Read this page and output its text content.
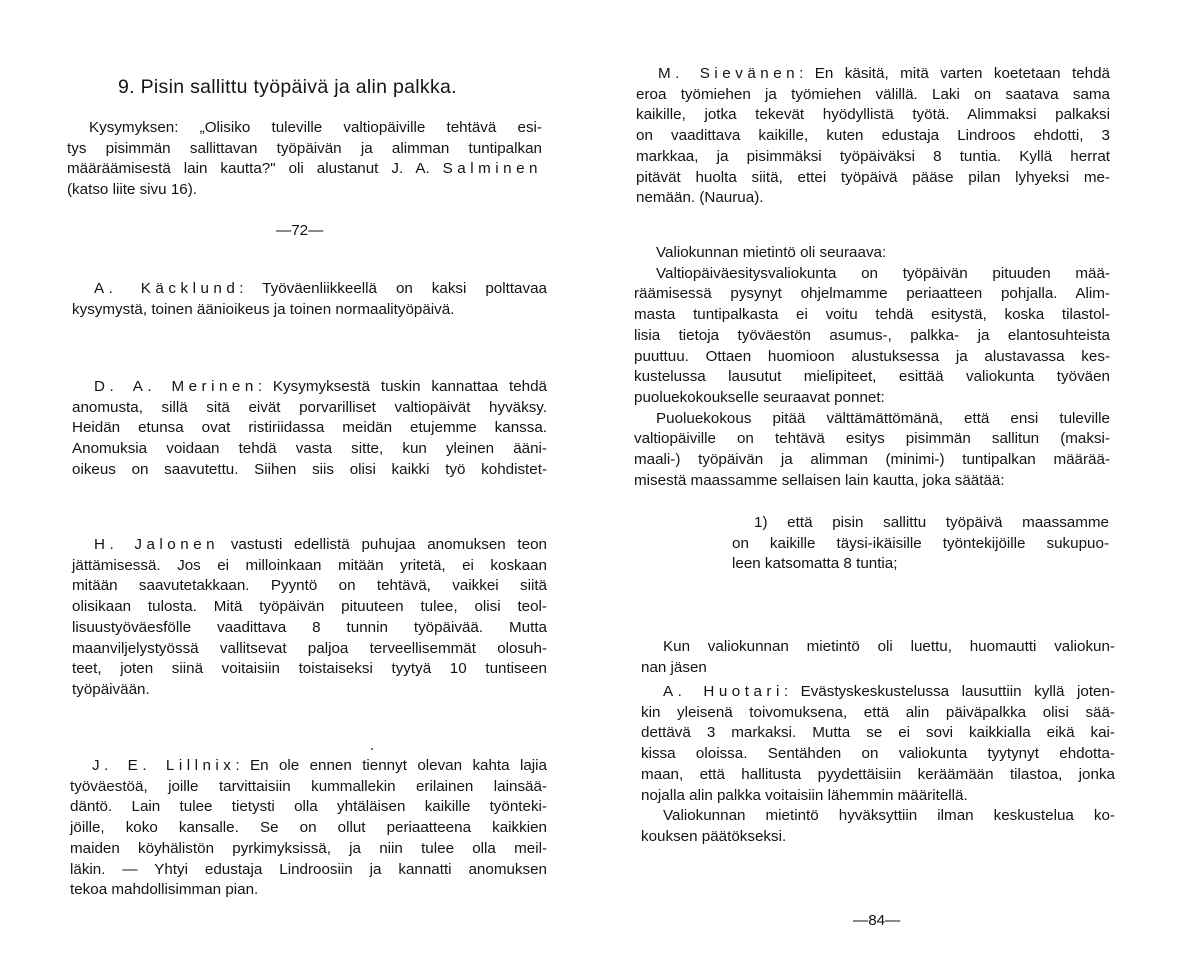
9. Pisin sallittu työpäivä ja alin palkka.
Kysymyksen: „Olisiko tuleville valtiopäiville tehtävä esi-
tys pisimmän sallittavan työpäivän ja alimman tuntipalkan
määräämisestä lain kautta?" oli alustanut J. A. Salminen
(katso liite sivu 16).
—72—
A. Käcklund: Työväenliikkeellä on kaksi polttavaa
kysymystä, toinen äänioikeus ja toinen normaalityöpäivä.
D. A. Merinen: Kysymyksestä tuskin kannattaa tehdä
anomusta, sillä sitä eivät porvarilliset valtiopäivät hyväksy.
Heidän etunsa ovat ristiriidassa meidän etujemme kanssa.
Anomuksia voidaan tehdä vasta sitte, kun yleinen ääni-
oikeus on saavutettu. Siihen siis olisi kaikki työ kohdistet-
H. Jalonen vastusti edellistä puhujaa anomuksen teon
jättämisessä. Jos ei milloinkaan mitään yritetä, ei koskaan
mitään saavutetakkaan. Pyyntö on tehtävä, vaikkei siitä
olisikaan tulosta. Mitä työpäivän pituuteen tulee, olisi teol-
lisuustyöväesfölle vaadittava 8 tunnin työpäivää. Mutta
maanviljelystyössä vallitsevat paljoa terveellisemmät olosuh-
teet, joten siinä voitaisiin toistaiseksi tyytyä 10 tuntiseen
työpäivään.
J. E. Lillnix: En ole ennen tiennyt olevan kahta lajia
työväestöä, joille tarvittaisiin kummallekin erilainen lainsää-
däntö. Lain tulee tietysti olla yhtäläisen kaikille työnteki-
jöille, koko kansalle. Se on ollut periaatteena kaikkien
maiden köyhälistön pyrkimyksissä, ja niin tulee olla meil-
läkin. — Yhtyi edustaja Lindroosiin ja kannatti anomuksen
tekoa mahdollisimman pian.
M. Sievänen: En käsitä, mitä varten koetetaan tehdä
eroa työmiehen ja työmiehen välillä. Laki on saatava sama
kaikille, jotka tekevät hyödyllistä työtä. Alimmaksi palkaksi
on vaadittava kaikille, kuten edustaja Lindroos ehdotti, 3
markkaa, ja pisimmäksi työpäiväksi 8 tuntia. Kyllä herrat
pitävät huolta siitä, ettei työpäivä pääse pilan lyhyeksi me-
nemään. (Naurua).
Valiokunnan mietintö oli seuraava:
Valtiopäiväesitysvaliokunta on työpäivän pituuden mää-
räämisessä pysynyt ohjelmamme periaatteen pohjalla. Alim-
masta tuntipalkasta ei voitu tehdä esitystä, koska tilastol-
lisia tietoja työväestön asumus-, palkka- ja elantosuhteista
puuttuu. Ottaen huomioon alustuksessa ja alustavassa kes-
kustelussa lausutut mielipiteet, esittää valiokunta työväen
puoluekokoukselle seuraavat ponnet:
Puoluekokous pitää välttämättömänä, että ensi tuleville
valtiopäiville on tehtävä esitys pisimmän sallitun (maksi-
maali-) työpäivän ja alimman (minimi-) tuntipalkan määrää-
misestä maassamme sellaisen lain kautta, joka säätää:
1) että pisin sallittu työpäivä maassamme
on kaikille täysi-ikäisille työntekijöille sukupuo-
leen katsomatta 8 tuntia;
Kun valiokunnan mietintö oli luettu, huomautti valiokun-
nan jäsen
A. Huotari: Evästyskeskustelussa lausuttiin kyllä joten-
kin yleisenä toivomuksena, että alin päiväpalkka olisi sää-
dettävä 3 markaksi. Mutta se ei sovi kaikkialla eikä kai-
kissa oloissa. Sentähden on valiokunta tyytynyt ehdotta-
maan, että hallitusta pyydettäisiin keräämään tilastoa, jonka
nojalla alin palkka voitaisiin lähemmin määritellä.
Valiokunnan mietintö hyväksyttiin ilman keskustelua ko-
kouksen päätökseksi.
—84—
